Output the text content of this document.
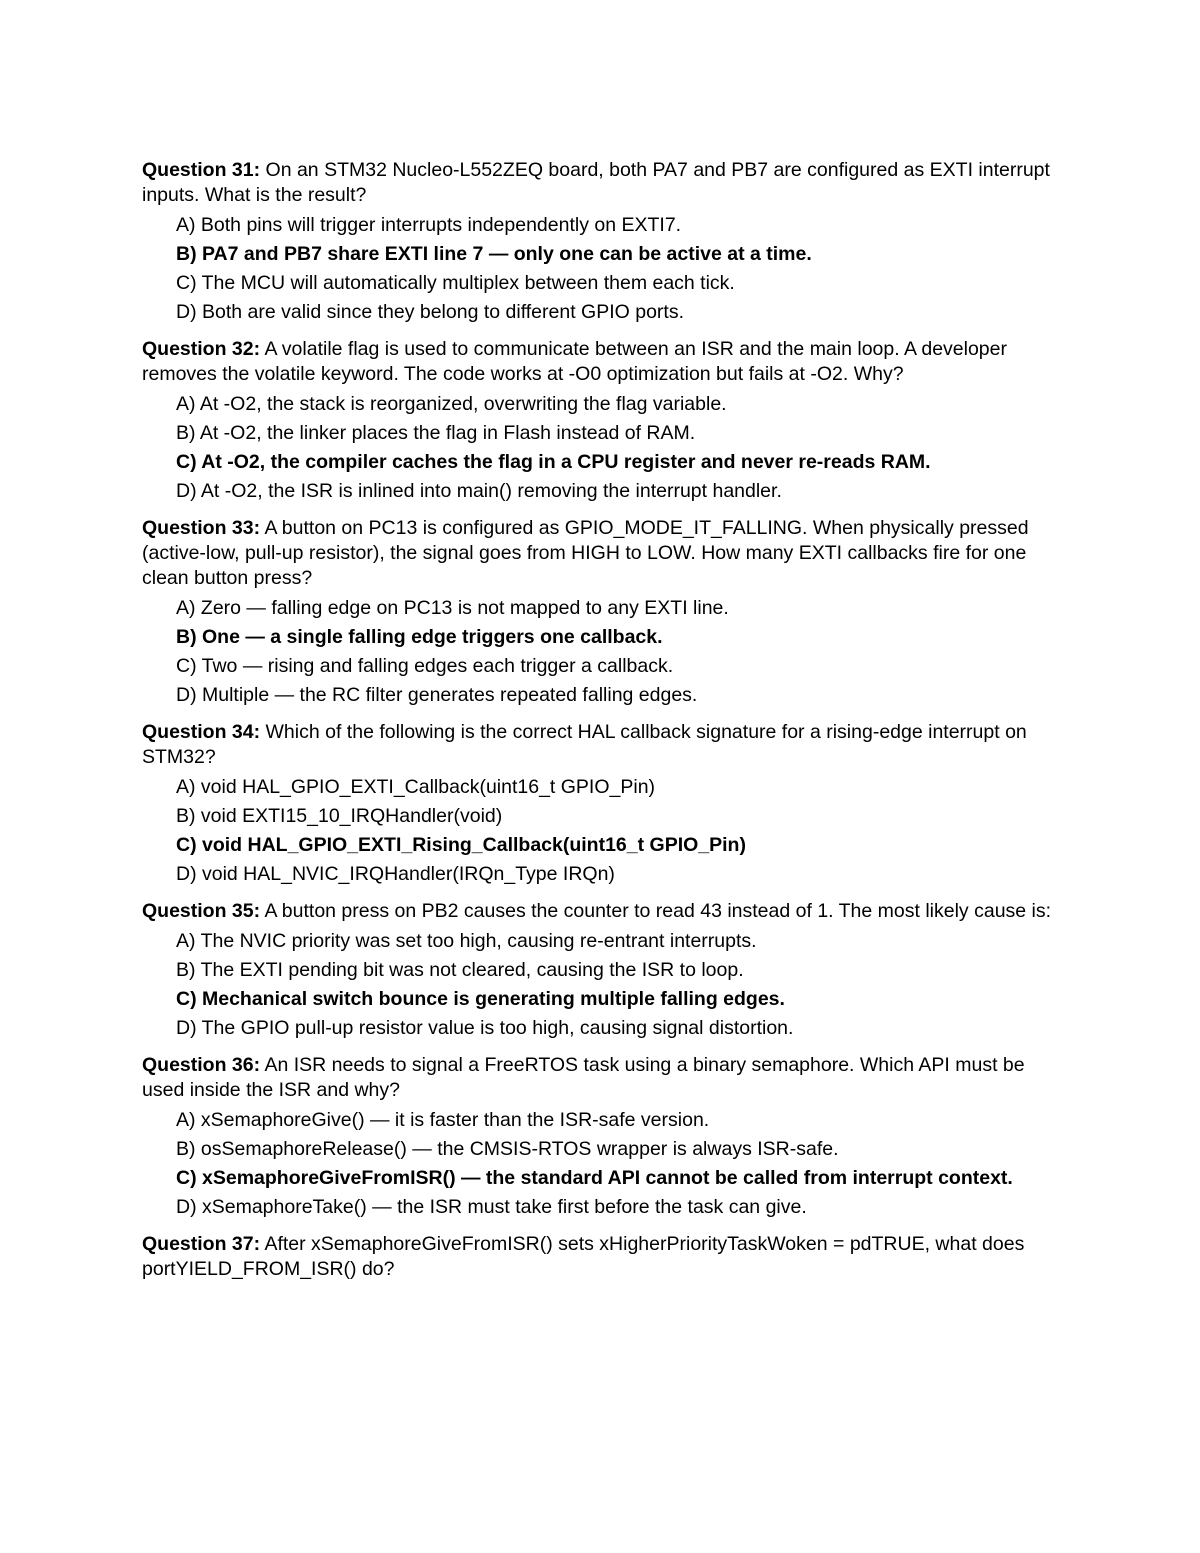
Question 31: On an STM32 Nucleo-L552ZEQ board, both PA7 and PB7 are configured as EXTI interrupt inputs. What is the result?

A) Both pins will trigger interrupts independently on EXTI7.
B) PA7 and PB7 share EXTI line 7 — only one can be active at a time.
C) The MCU will automatically multiplex between them each tick.
D) Both are valid since they belong to different GPIO ports.

Question 32: A volatile flag is used to communicate between an ISR and the main loop. A developer removes the volatile keyword. The code works at -O0 optimization but fails at -O2. Why?

A) At -O2, the stack is reorganized, overwriting the flag variable.
B) At -O2, the linker places the flag in Flash instead of RAM.
C) At -O2, the compiler caches the flag in a CPU register and never re-reads RAM.
D) At -O2, the ISR is inlined into main() removing the interrupt handler.

Question 33: A button on PC13 is configured as GPIO_MODE_IT_FALLING. When physically pressed (active-low, pull-up resistor), the signal goes from HIGH to LOW. How many EXTI callbacks fire for one clean button press?

A) Zero — falling edge on PC13 is not mapped to any EXTI line.
B) One — a single falling edge triggers one callback.
C) Two — rising and falling edges each trigger a callback.
D) Multiple — the RC filter generates repeated falling edges.

Question 34: Which of the following is the correct HAL callback signature for a rising-edge interrupt on STM32?

A) void HAL_GPIO_EXTI_Callback(uint16_t GPIO_Pin)
B) void EXTI15_10_IRQHandler(void)
C) void HAL_GPIO_EXTI_Rising_Callback(uint16_t GPIO_Pin)
D) void HAL_NVIC_IRQHandler(IRQn_Type IRQn)

Question 35: A button press on PB2 causes the counter to read 43 instead of 1. The most likely cause is:

A) The NVIC priority was set too high, causing re-entrant interrupts.
B) The EXTI pending bit was not cleared, causing the ISR to loop.
C) Mechanical switch bounce is generating multiple falling edges.
D) The GPIO pull-up resistor value is too high, causing signal distortion.

Question 36: An ISR needs to signal a FreeRTOS task using a binary semaphore. Which API must be used inside the ISR and why?

A) xSemaphoreGive() — it is faster than the ISR-safe version.
B) osSemaphoreRelease() — the CMSIS-RTOS wrapper is always ISR-safe.
C) xSemaphoreGiveFromISR() — the standard API cannot be called from interrupt context.
D) xSemaphoreTake() — the ISR must take first before the task can give.

Question 37: After xSemaphoreGiveFromISR() sets xHigherPriorityTaskWoken = pdTRUE, what does portYIELD_FROM_ISR() do?
